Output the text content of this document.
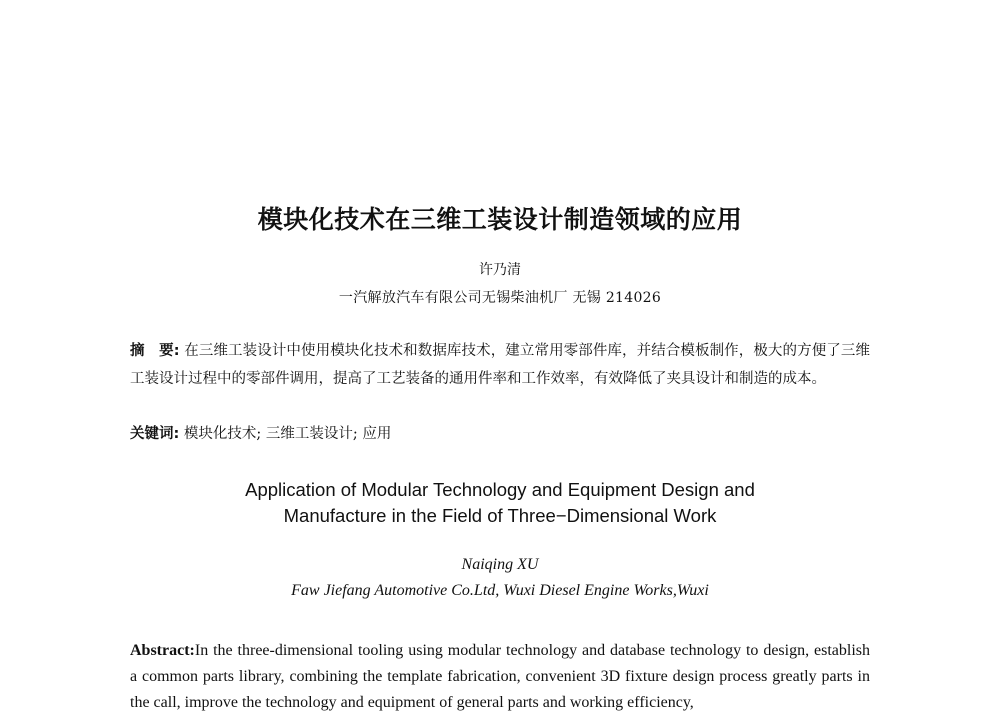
模块化技术在三维工装设计制造领域的应用
许乃清
一汽解放汽车有限公司无锡柴油机厂 无锡 214026
摘　要: 在三维工装设计中使用模块化技术和数据库技术，建立常用零部件库，并结合模板制作，极大的方便了三维工装设计过程中的零部件调用，提高了工艺装备的通用件率和工作效率，有效降低了夹具设计和制造的成本。
关键词: 模块化技术; 三维工装设计; 应用
Application of Modular Technology and Equipment Design and
Manufacture in the Field of Three−Dimensional Work
Naiqing XU
Faw Jiefang Automotive Co.Ltd, Wuxi Diesel Engine Works,Wuxi
Abstract:In the three-dimensional tooling using modular technology and database technology to design, establish a common parts library, combining the template fabrication, convenient 3D fixture design process greatly parts in the call, improve the technology and equipment of general parts and working efficiency,
